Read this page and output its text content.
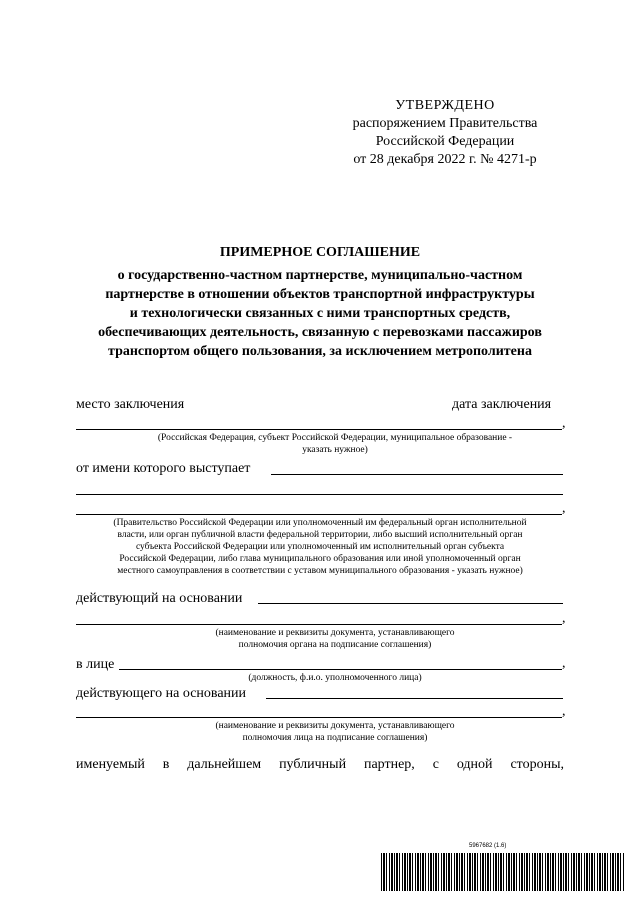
УТВЕРЖДЕНО
распоряжением Правительства
Российской Федерации
от 28 декабря 2022 г. № 4271-р
ПРИМЕРНОЕ СОГЛАШЕНИЕ
о государственно-частном партнерстве, муниципально-частном
партнерстве в отношении объектов транспортной инфраструктуры
и технологически связанных с ними транспортных средств,
обеспечивающих деятельность, связанную с перевозками пассажиров
транспортом общего пользования, за исключением метрополитена
место заключения	дата заключения
,
(Российская Федерация, субъект Российской Федерации, муниципальное образование -
указать нужное)
от имени которого выступает
,
(Правительство Российской Федерации или уполномоченный им федеральный орган исполнительной
власти, или орган публичной власти федеральной территории, либо высший исполнительный орган
субъекта Российской Федерации или уполномоченный им исполнительный орган субъекта
Российской Федерации, либо глава муниципального образования или иной уполномоченный орган
местного самоуправления в соответствии с уставом муниципального образования - указать нужное)
действующий на основании
,
(наименование и реквизиты документа, устанавливающего
полномочия органа на подписание соглашения)
в лице	,
(должность, ф.и.о. уполномоченного лица)
действующего на основании
,
(наименование и реквизиты документа, устанавливающего
полномочия лица на подписание соглашения)
именуемый в дальнейшем публичный партнер, с одной стороны,
5967682 (1.6)
